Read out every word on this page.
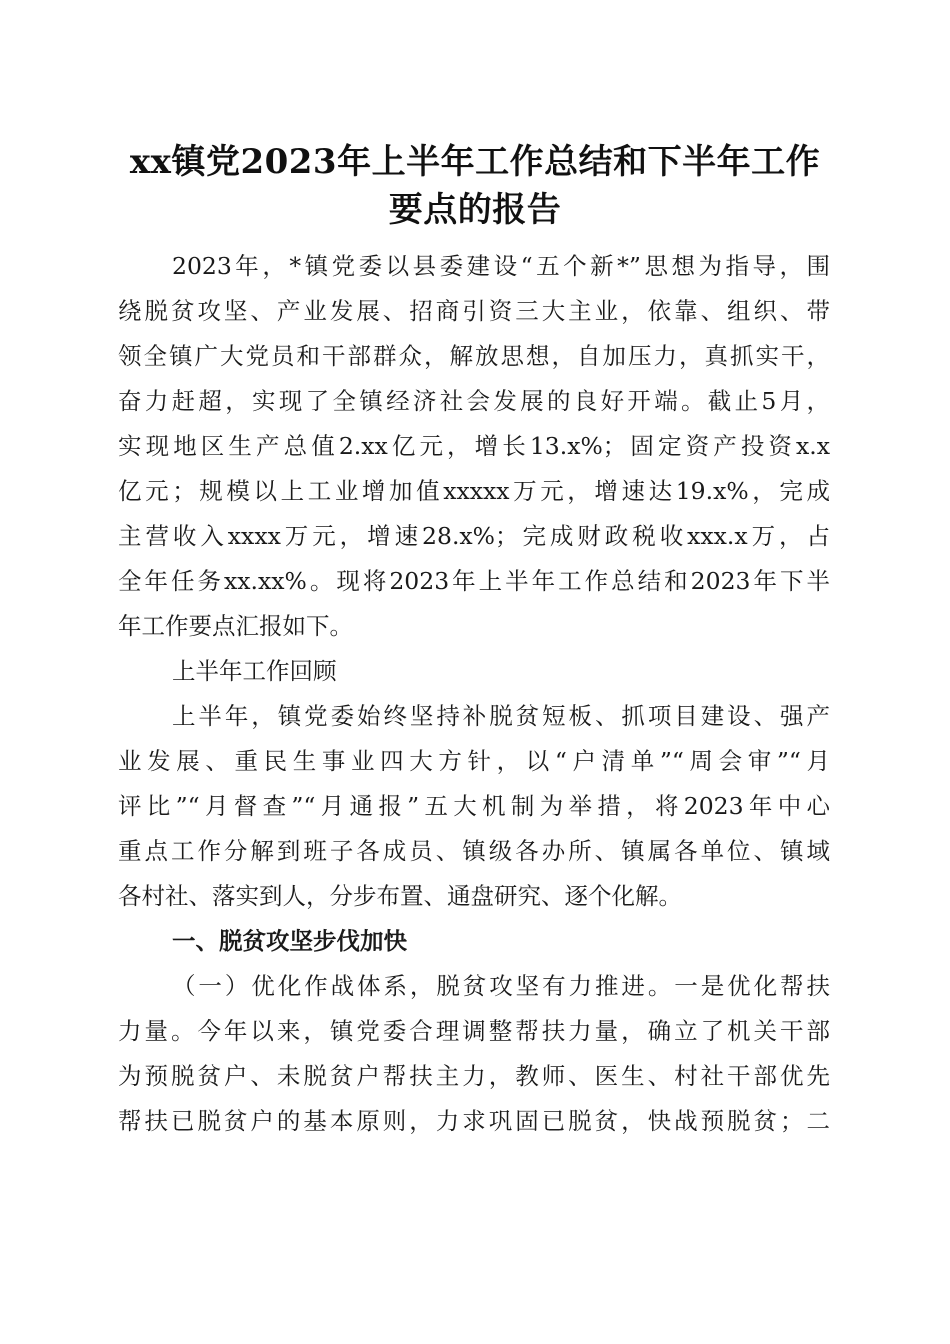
xx镇党2023年上半年工作总结和下半年工作
要点的报告
2023年，*镇党委以县委建设“五个新*”思想为指导，围
绕脱贫攻坚、产业发展、招商引资三大主业，依靠、组织、带
领全镇广大党员和干部群众，解放思想，自加压力，真抓实干，
奋力赶超，实现了全镇经济社会发展的良好开端。截止5月，
实现地区生产总值2.xx亿元，增长13.x%；固定资产投资x.x
亿元；规模以上工业增加值xxxxx万元，增速达19.x%，完成
主营收入xxxx万元，增速28.x%；完成财政税收xxx.x万，占
全年任务xx.xx%。现将2023年上半年工作总结和2023年下半
年工作要点汇报如下。
上半年工作回顾
上半年，镇党委始终坚持补脱贫短板、抓项目建设、强产
业发展、重民生事业四大方针，以“户清单”“周会审”“月
评比”“月督查”“月通报”五大机制为举措，将2023年中心
重点工作分解到班子各成员、镇级各办所、镇属各单位、镇域
各村社、落实到人，分步布置、通盘研究、逐个化解。
一、脱贫攻坚步伐加快
（一）优化作战体系，脱贫攻坚有力推进。一是优化帮扶
力量。今年以来，镇党委合理调整帮扶力量，确立了机关干部
为预脱贫户、未脱贫户帮扶主力，教师、医生、村社干部优先
帮扶已脱贫户的基本原则，力求巩固已脱贫，快战预脱贫；二
